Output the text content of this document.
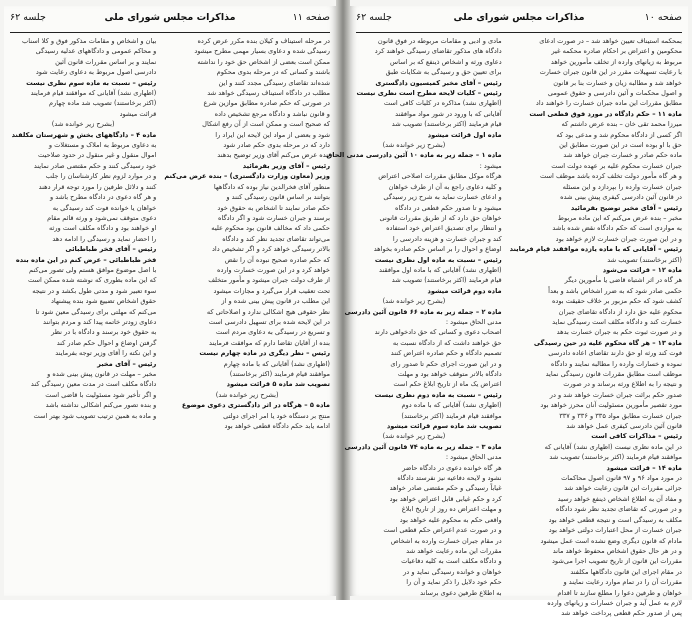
صفحه ۱۱
مذاکرات مجلس شورای ملی
جلسه ۶۲
در مرحله استیناف و کیلان بنده مکرر عرض کرده
رسیدگی شده و دعاوی بسیار مهمی مطرح میشود
ممکن است بعضی از اشخاص حق خود را نداشته
باشند و کسانی که در مرحله بدوی محکوم
شده‌اند تقاضای رسیدگی مجدد کنند و این
مطلب در دادگاه استیناف رسیدگی خواهد شد
در صورتی که حکم صادره مطابق موازین شرع
و قانون نباشد و دادگاه مرجع تشخیص داده
که صحیح است و ممکن است از آن رفع اشکال
شود و بعضی از مواد این لایحه این ایراد را
دارد که در مرحله بدوی حکم صادر شود
بنده عرض می‌کنم آقای وزیر توضیح بدهند
رئیس – آقای وزیر بفرمائید
وزیر (معاون وزارت دادگستری) – بنده عرض می‌کنم
منظور آقای فخرالدین نیاز بوده که دادگاهها
بتوانند بر اساس قانون رسیدگی کنند و
حکم صادر نمایند تا اشخاص به حقوق خود
برسند و جبران خسارت شود و اگر دادگاه
حکمی داد که مخالف قانون بود محکوم علیه
می‌تواند تقاضای تجدید نظر کند و دادگاه
بالاتر رسیدگی خواهد کرد و اگر تشخیص داد
که حکم صادره صحیح نبوده آن را نقض
خواهد کرد و در این صورت خسارت وارده
از طرف دولت جبران میشود و مأمور متخلف
تحت تعقیب قرار می‌گیرد و مجازات میشود
این مطلب در قانون پیش بینی شده و از
نظر حقوقی هیچ اشکالی ندارد و اصلاحاتی که
در این لایحه شده برای تسهیل دادرسی است
و تسریع در رسیدگی به دعاوی مردم است
بنده از آقایان تقاضا دارم که موافقت فرمایند
رئیس – نظر دیگری در ماده چهارم نیست
(اظهاری نشد) آقایانی که با ماده چهارم
موافقند قیام فرمایند (اکثر برخاستند)
تصویب شد ماده ۵ قرائت میشود
(بشرح زیر خوانده شد)
ماده ۵ – هرگاه در اثر دادگستری دعوی موضوع
منتج بر دستگاه خود یا امر اجرای دولتی
ادامه یابد حکم دادگاه قطعی خواهد بود
بیان و اشخاص و مقامات مذکور فوق و کلا اسناب
و محاکم عمومی و دادگاههای عدلیه رسیدگی
نمایند و بر اساس مقررات قانون آئین
دادرسی اصول مربوط به دعاوی رعایت شود
رئیس – نسبت به ماده سوم نظری نیست
(اظهاری نشد) آقایانی که موافقند قیام فرمایند
(اکثر برخاستند) تصویب شد ماده چهارم
قرائت میشود
(بشرح زیر خوانده شد)
ماده ۴ – دادگاههای بخش و شهرستان مکلفند
به دعاوی مربوط به املاک و مستغلات و
اموال منقول و غیر منقول در حدود صلاحیت
خود رسیدگی کنند و حکم مقتضی صادر نمایند
و در موارد لزوم نظر کارشناسان را جلب
کنند و دلائل طرفین را مورد توجه قرار دهند
و هر گاه دعوی در دادگاه مطرح باشد و
خواهان یا خوانده فوت کند رسیدگی به
دعوی متوقف نمی‌شود و ورثه قائم مقام
او خواهند بود و دادگاه مکلف است ورثه
را احضار نماید و رسیدگی را ادامه دهد
رئیس – آقای فخر طباطبائی
فخر طباطبائی – عرض کنم در این ماده بنده
با اصل موضوع موافق هستم ولی تصور می‌کنم
که این ماده بطوری که نوشته شده ممکن است
سوء تعبیر شود و مدتی طول بکشد و در نتیجه
حقوق اشخاص تضییع شود بنده پیشنهاد
می‌کنم که مهلتی برای رسیدگی معین شود تا
دعاوی زودتر خاتمه پیدا کند و مردم بتوانند
به حقوق خود برسند و دادگاه با در نظر
گرفتن اوضاع و احوال حکم صادر کند
و این نکته را آقای وزیر توجه بفرمایند
رئیس – آقای مخبر
مخبر – مهلت در قانون پیش بینی شده و
دادگاه مکلف است در مدت معین رسیدگی کند
و اگر تأخیر شود مسئولیت با قاضی است
و بنده تصور می‌کنم اشکالی نداشته باشد
و ماده به همین ترتیب تصویب شود بهتر است
صفحه ۱۰
مذاکرات مجلس شورای ملی
جلسه ۶۲
بمحکمه استیناف تعیین خواهد شد – در صورت ادعای
محکومین و اعتراض بر احکام صادره محکمه غیر
مربوط به زیانهای وارده از تخلف مأمورین خواهد
با رعایت تسهیلات مقرر در این قانون جبران خسارت
خواهد شد و مطالبه زیان و خسارت بنا بر قانون
و اصول محکمات و آئین دادرسی و حقوق عمومی
مطابق مقررات این ماده جبران خسارت را خواهند داد
ماده ۱۱ – حکم دادگاه در مورد فوق قطعی است
میرزا محمد تقی خان – بنده عرض داشتم که
اگر کسی از دادگاه محکوم شد و مدعی بود که
حق با او بوده است در این صورت مطابق این
ماده حکم صادر و خسارت جبران خواهد شد
جبران خسارت محکوم علیه بر عهده دولت است
و هر گاه مأمور دولت تخلف کرده باشد موظف است
جبران خسارت وارده را بپردازد و این مسئله
در قانون آئین دادرسی کیفری پیش بینی شده
رئیس – آقای مخبر توضیح بفرمائید
مخبر – بنده عرض می‌کنم که این ماده مربوط
به مواردی است که حکم دادگاه نقض شده باشد
و در این صورت جبران خسارت لازم خواهد بود
رئیس – آقایانی که با ماده یازده موافقند قیام فرمایند
(اکثر برخاستند) تصویب شد
ماده ۱۲ – قرائت می‌شود
هر گاه در اثر اشتباه قاضی یا مأمورین دیگر
حکمی صادر شود که به ضرر اشخاص باشد و بعداً
کشف شود که حکم مزبور بر خلاف حقیقت بوده
محکوم علیه حق دارد از دادگاه تقاضای جبران
خسارت کند و دادگاه مکلف است رسیدگی نماید
و در صورت ثبوت حکم به جبران خسارت بدهد
ماده ۱۳ – هر گاه محکوم علیه در حین رسیدگی
فوت کند ورثه او حق دارند تقاضای اعاده دادرسی
نموده و خسارات وارده را مطالبه نمایند و دادگاه
موظف است مطابق مقررات قانون رسیدگی نماید
و نتیجه را به اطلاع ورثه برساند و در صورت
صدور حکم برائت جبران خسارت خواهد شد و در
مورد تقصیر مأمورین مسئولیت آنان محرز خواهد بود
جبران خسارت مطابق مواد ۳۳۵ و ۳۳۶ و ۳۳۷
قانون آئین دادرسی کیفری عمل خواهد شد
رئیس – مذاکرات کافی است
در این ماده نظری نیست (اظهاری نشد) آقایانی که
موافقند قیام فرمایند (اکثر برخاستند) تصویب شد
ماده ۱۴ – قرائت میشود
در مورد مواد ۹۶ و ۹۷ قانون اصول محاکمات
جزائی مقررات این قانون رعایت خواهد شد
و مفاد آن به اطلاع اشخاص ذینفع خواهد رسید
و در صورتی که تقاضای تجدید نظر شود دادگاه
مکلف به رسیدگی است و نتیجه قطعی خواهد بود
جبران خسارت از محل اعتبارات دولتی خواهد بود
مادام که قانون دیگری وضع نشده است عمل میشود
و در هر حال حقوق اشخاص محفوظ خواهد ماند
مقررات این قانون از تاریخ تصویب اجرا می‌شود
در مقام اجرای این قانون دادگاهها مکلفند
مقررات آن را در تمام موارد رعایت نمایند و
خواهان و طرفین دعوا را مطلع سازند تا اقدام
لازم به عمل آید و جبران خسارات و زیانهای وارده
پس از صدور حکم قطعی پرداخت خواهد شد
مادی و ادبی و مقامات مربوطه در فوق قانون
دادگاه های مذکور تقاضای رسیدگی خواهند کرد
دعاوی ورثه و اشخاص ذینفع که بر اساس
برای تعیین حق و رسیدگی به شکایات طبق
رئیس – آقای مخبر کمیسیون دادگستری
رئیس – کلیات لایحه مطرح است نظری نیست
(اظهاری نشد) مذاکره در کلیات کافی است
آقایانی که با ورود در شور مواد موافقند
قیام فرمایند (اکثر برخاستند) تصویب شد
ماده اول قرائت میشود
(بشرح زیر خوانده شد)
ماده ۱ – جمله زیر به ماده ۱۰ آئین دادرسی مدنی الحاق
میشود :
هرگاه موکل مطابق مقررات اصلاحی اعتراض
و کلیه دعاوی راجع به آن از طرف خواهان
و ادعای خسارت نماید به شرح زیر رسیدگی
میشود و تا صدور حکم قطعی در دادگاه
خواهان حق دارد که از طریق مقررات قانونی
و انتظار برای تصدیق اعتراض خود استفاده
کند و جبران خسارت و هزینه دادرسی را
اوضاع و احوال را بر اساس حکم صادره بخواهد
رئیس – نسبت به ماده اول نظری نیست
(اظهاری نشد) آقایانی که با ماده اول موافقند
قیام فرمایند (اکثر برخاستند) تصویب شد
ماده دوم قرائت میشود
(بشرح زیر خوانده شد)
ماده ۲ – جمله زیر به ماده ۶۶ قانون آئین دادرسی
مدنی الحاق میشود :
اصحاب دعوی و کسانی که حق دادخواهی دارند
حق خواهند داشت که از دادگاه نسبت به
تصمیم دادگاه و حکم صادره اعتراض کنند
و در این صورت اجرای حکم تا صدور رای
دادگاه بالاتر متوقف خواهد بود و مهلت
اعتراض یک ماه از تاریخ ابلاغ حکم است
رئیس – نسبت به ماده دوم نظری نیست
(اظهاری نشد) آقایانی که با ماده دوم
موافقند قیام فرمایند (اکثر برخاستند)
تصویب شد ماده سوم قرائت میشود
(بشرح زیر خوانده شد)
ماده ۳ – جمله زیر به ماده ۷۴ قانون آئین دادرسی
مدنی الحاق میشود :
هر گاه خوانده دعوی در دادگاه حاضر
نشود و لایحه دفاعیه نیز نفرستد دادگاه
غیاباً رسیدگی و حکم مقتضی صادر خواهد
کرد و حکم غیابی قابل اعتراض خواهد بود
و مهلت اعتراض ده روز از تاریخ ابلاغ
واقعی حکم به محکوم علیه خواهد بود
و در صورت عدم اعتراض حکم قطعی است
در مقام جبران خسارت وارده به اشخاص
مقررات این ماده رعایت خواهد شد
و دادگاه مکلف است به کلیه دفاعیات
خواهان و خوانده رسیدگی نماید و در
حکم خود دلایل را ذکر نماید و آن را
به اطلاع طرفین دعوی برساند
